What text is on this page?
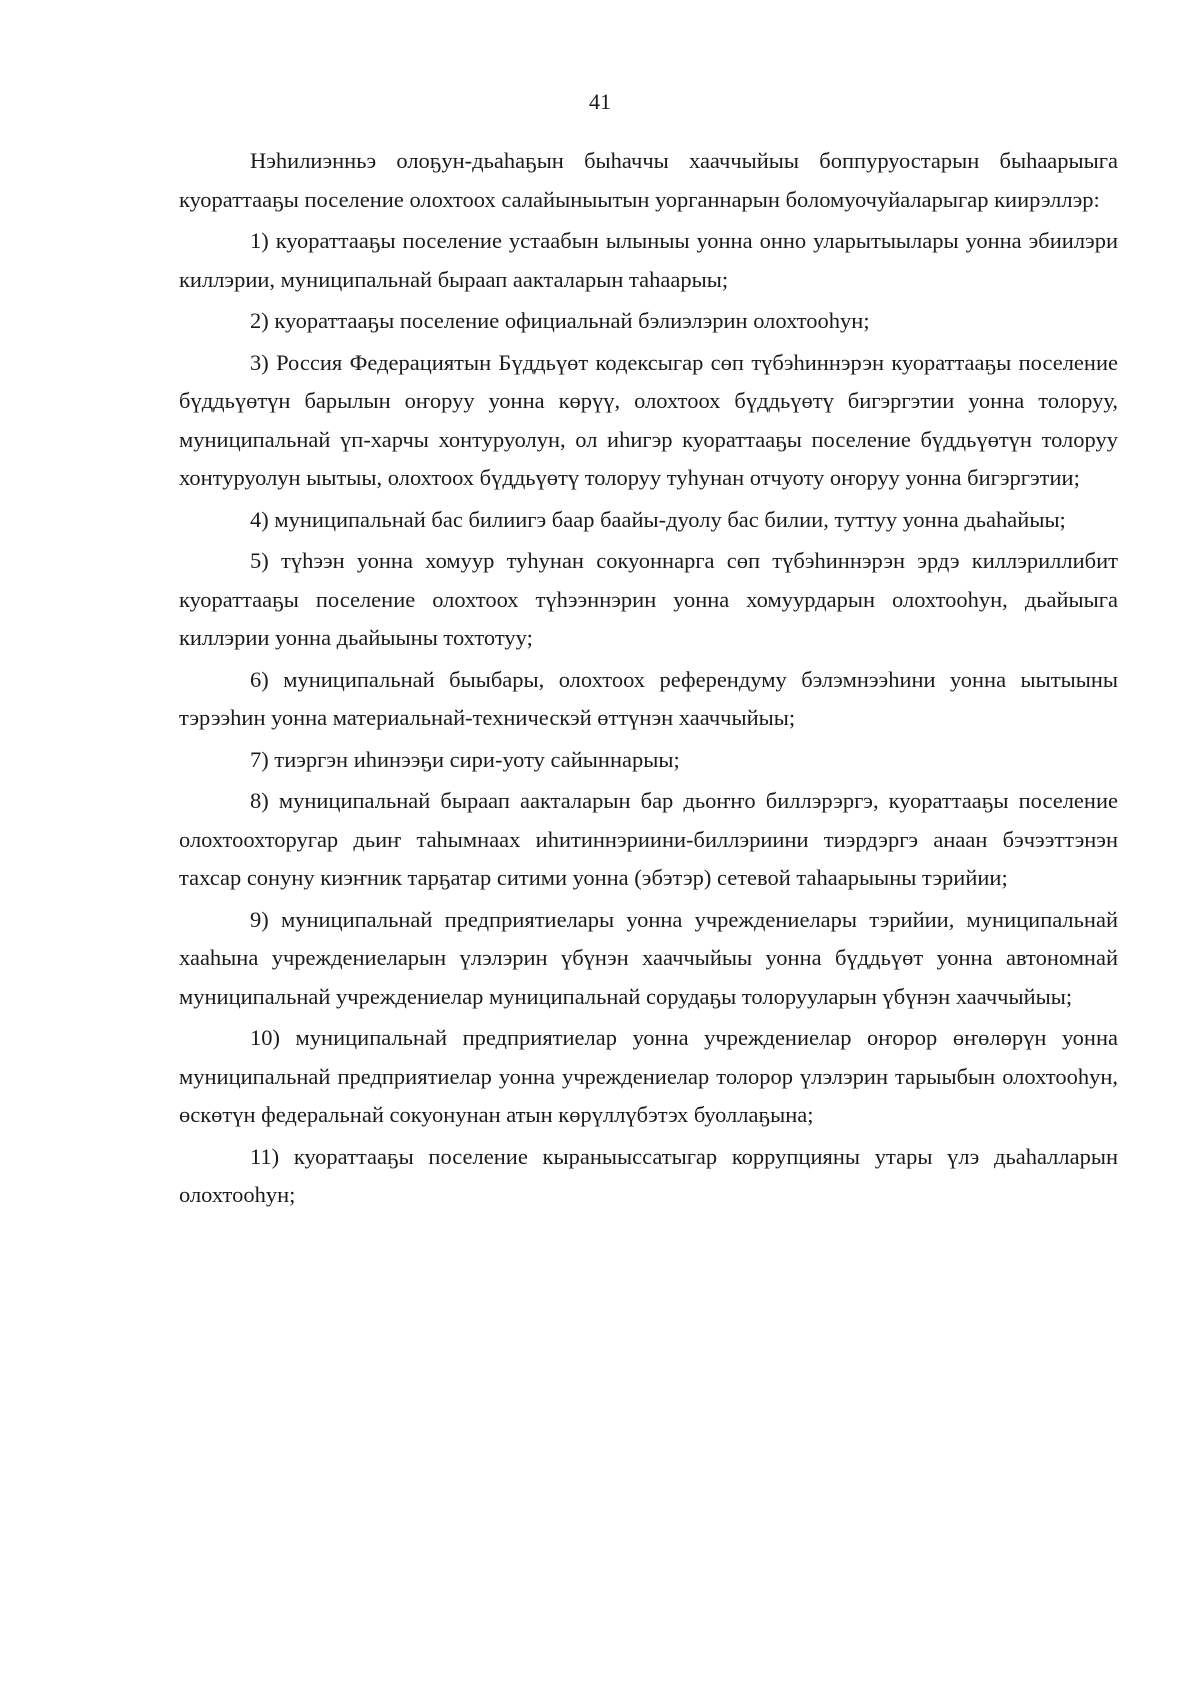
41

Нэһилиэнньэ олоҕун-дьаһаҕын быһаччы хааччыйыы боппуруостарын быһаарыыга куораттааҕы поселение олохтоох салайыныытын уорганнарын боломуочуйаларыгар киирэллэр:

1) куораттааҕы поселение устаабын ылыныы уонна онно уларытыылары уонна эбиилэри киллэрии, муниципальнай быраап аакталарын таһаарыы;

2) куораттааҕы поселение официальнай бэлиэлэрин олохтооһун;

3) Россия Федерациятын Бүддьүөт кодексыгар сөп түбэһиннэрэн куораттааҕы поселение бүддьүөтүн барылын оҥоруу уонна көрүү, олохтоох бүддьүөтү бигэргэтии уонна толоруу, муниципальнай үп-харчы хонтуруолун, ол иһигэр куораттааҕы поселение бүддьүөтүн толоруу хонтуруолун ыытыы, олохтоох бүддьүөтү толоруу туһунан отчуоту оҥоруу уонна бигэргэтии;

4) муниципальнай бас билиигэ баар баайы-дуолу бас билии, туттуу уонна дьаһайыы;

5) түһээн уонна хомуур туһунан сокуоннарга сөп түбэһиннэрэн эрдэ киллэриллибит куораттааҕы поселение олохтоох түһээннэрин уонна хомуурдарын олохтооһун, дьайыыга киллэрии уонна дьайыыны тохтотуу;

6) муниципальнай быыбары, олохтоох референдуму бэлэмнээһини уонна ыытыыны тэрээһин уонна материальнай-техническэй өттүнэн хааччыйыы;

7) тиэргэн иһинээҕи сири-уоту сайыннарыы;

8) муниципальнай быраап аакталарын бар дьоҥҥо биллэрэргэ, куораттааҕы поселение олохтоохторугар дьиҥ таһымнаах иһитиннэриини-биллэриини тиэрдэргэ анаан бэчээттэнэн тахсар сонуну киэҥник тарҕатар ситими уонна (эбэтэр) сетевой таһаарыыны тэрийии;

9) муниципальнай предприятиелары уонна учреждениелары тэрийии, муниципальнай хааһына учреждениеларын үлэлэрин үбүнэн хааччыйыы уонна бүддьүөт уонна автономнай муниципальнай учреждениелар муниципальнай сорудаҕы толорууларын үбүнэн хааччыйыы;

10) муниципальнай предприятиелар уонна учреждениелар оҥорор өҥөлөрүн уонна муниципальнай предприятиелар уонна учреждениелар толорор үлэлэрин тарыыбын олохтооһун, өскөтүн федеральнай сокуонунан атын көрүллүбэтэх буоллаҕына;

11) куораттааҕы поселение кыраныыссатыгар коррупцияны утары үлэ дьаһалларын олохтооһун;
